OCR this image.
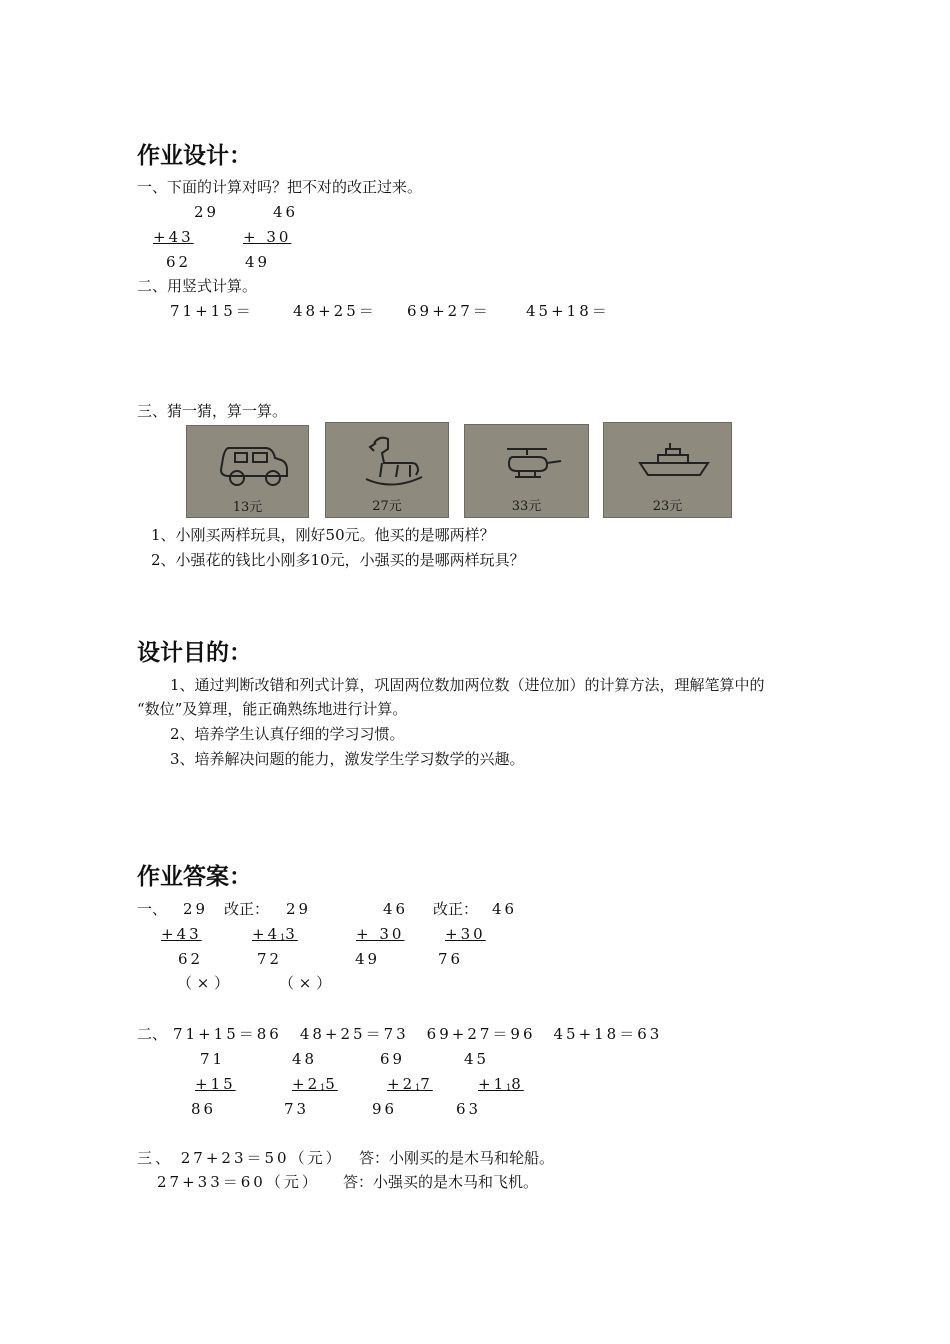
作业设计：
一、下面的计算对吗？把不对的改正过来。
29
+43
62
46
+ 30
49
二、用竖式计算。
71+15＝	48+25＝ 69+27＝ 45+18＝
三、猜一猜，算一算。
13元	27元	33元	23元
1、小刚买两样玩具，刚好50元。他买的是哪两样？
2、小强花的钱比小刚多10元，小强买的是哪两样玩具？
设计目的：
1、通过判断改错和列式计算，巩固两位数加两位数（进位加）的计算方法，理解笔算中的
“数位”及算理，能正确熟练地进行计算。
2、培养学生认真仔细的学习习惯。
3、培养解决问题的能力，激发学生学习数学的兴趣。
作业答案：
一、 29 改正： 29	46 改正： 46
+43	+413	+ 30	+30
62	72	49	76
（ × ）	（ × ）
二、 71+15＝86　48+25＝73　69+27＝96　45+18＝63
71	48	69	45
+15	+215	+217	+118
86	73	96	63
三、 27+23＝50（元） 答：小刚买的是木马和轮船。
27+33＝60（元） 答：小强买的是木马和飞机。
